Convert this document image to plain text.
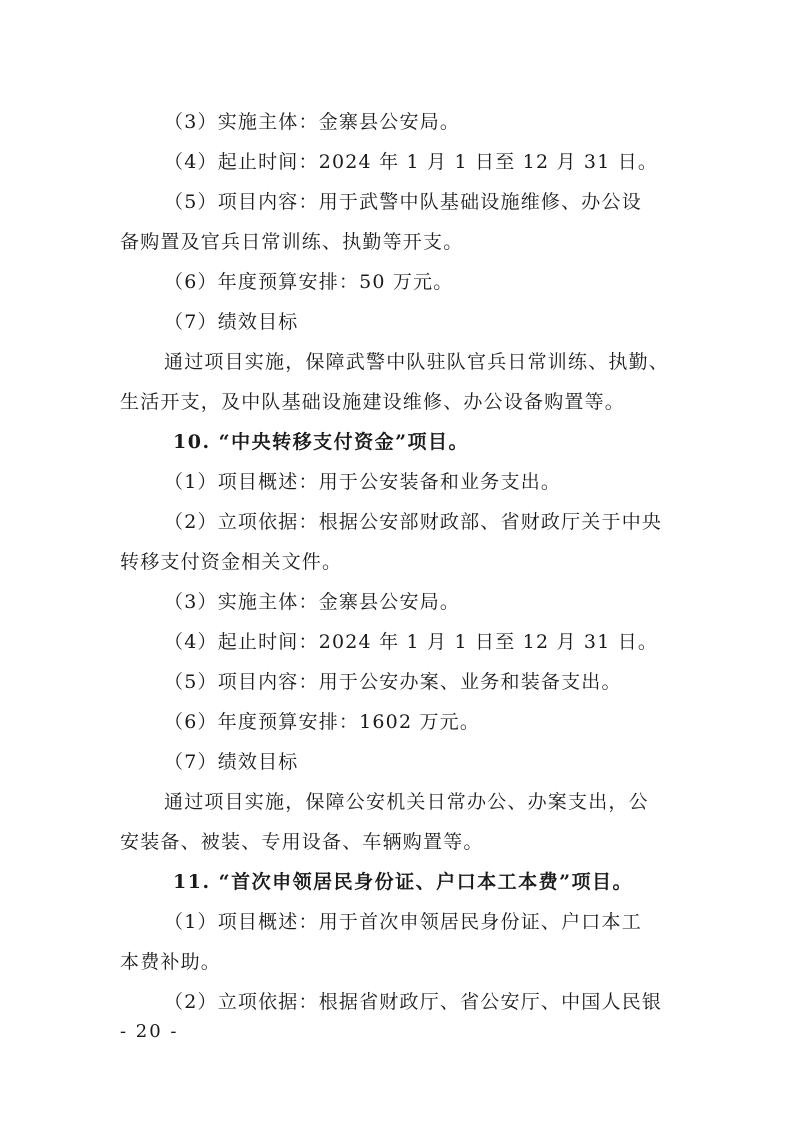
（3）实施主体：金寨县公安局。
（4）起止时间：2024 年 1 月 1 日至 12 月 31 日。
（5）项目内容：用于武警中队基础设施维修、办公设
备购置及官兵日常训练、执勤等开支。
（6）年度预算安排：50 万元。
（7）绩效目标
通过项目实施，保障武警中队驻队官兵日常训练、执勤、
生活开支，及中队基础设施建设维修、办公设备购置等。
10. “中央转移支付资金”项目。
（1）项目概述：用于公安装备和业务支出。
（2）立项依据：根据公安部财政部、省财政厅关于中央
转移支付资金相关文件。
（3）实施主体：金寨县公安局。
（4）起止时间：2024 年 1 月 1 日至 12 月 31 日。
（5）项目内容：用于公安办案、业务和装备支出。
（6）年度预算安排：1602 万元。
（7）绩效目标
通过项目实施，保障公安机关日常办公、办案支出，公
安装备、被装、专用设备、车辆购置等。
11. “首次申领居民身份证、户口本工本费”项目。
（1）项目概述：用于首次申领居民身份证、户口本工
本费补助。
（2）立项依据：根据省财政厅、省公安厅、中国人民银
- 20 -
